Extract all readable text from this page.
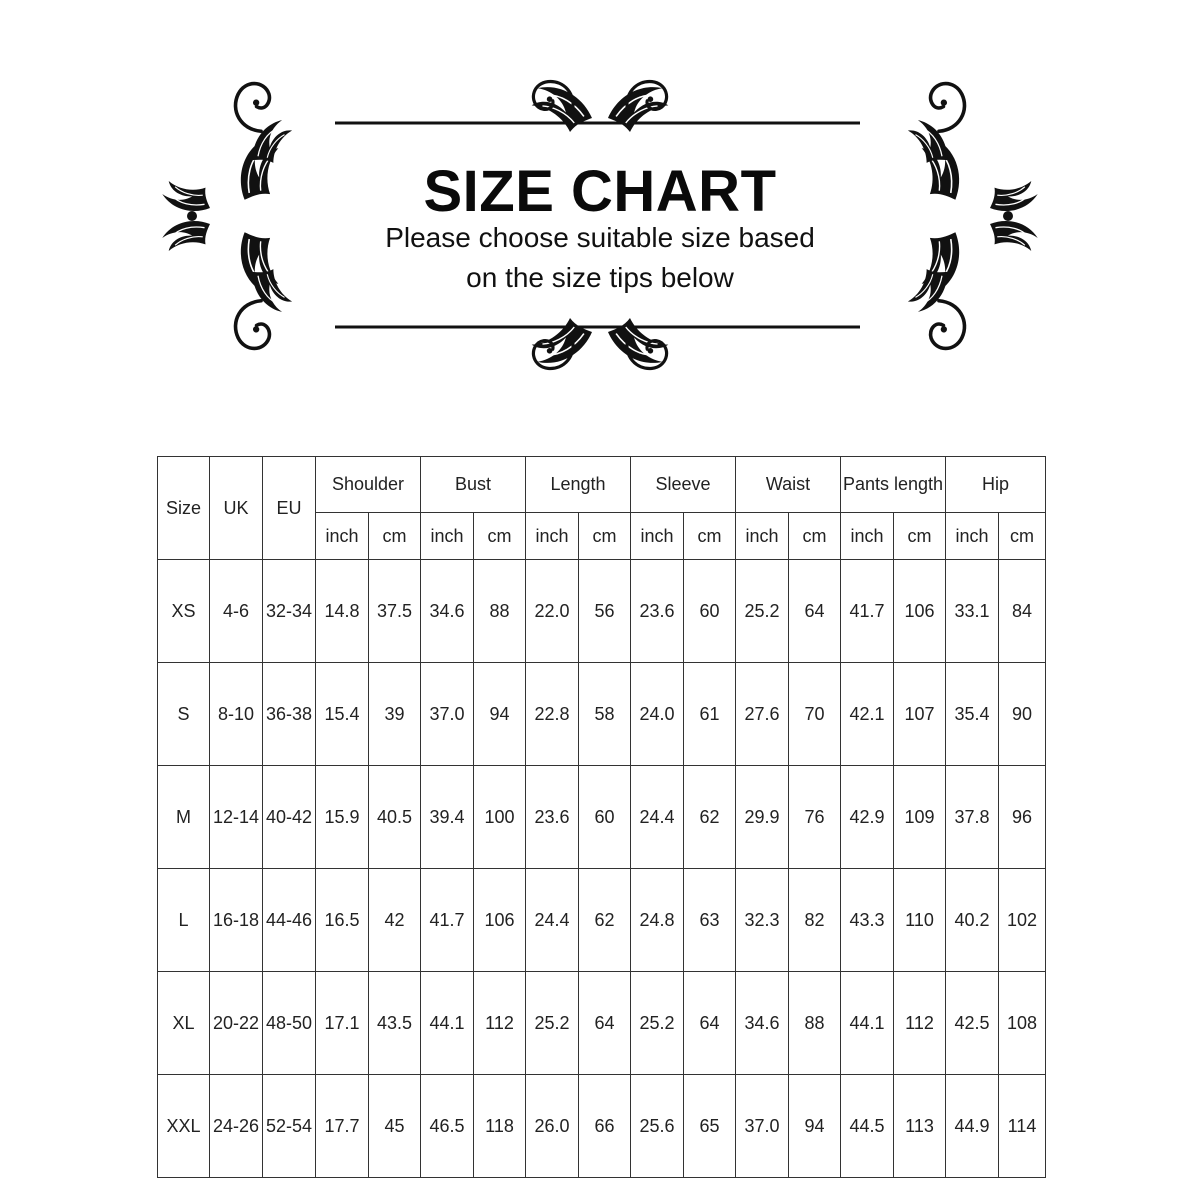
SIZE CHART
Please choose suitable size based
on the size tips below
Size	UK	EU	Shoulder		Bust		Length		Sleeve		Waist		Pants length		Hip	
			inch	cm	inch	cm	inch	cm	inch	cm	inch	cm	inch	cm	inch	cm
XS	4-6	32-34	14.8	37.5	34.6	88	22.0	56	23.6	60	25.2	64	41.7	106	33.1	84
S	8-10	36-38	15.4	39	37.0	94	22.8	58	24.0	61	27.6	70	42.1	107	35.4	90
M	12-14	40-42	15.9	40.5	39.4	100	23.6	60	24.4	62	29.9	76	42.9	109	37.8	96
L	16-18	44-46	16.5	42	41.7	106	24.4	62	24.8	63	32.3	82	43.3	110	40.2	102
XL	20-22	48-50	17.1	43.5	44.1	112	25.2	64	25.2	64	34.6	88	44.1	112	42.5	108
XXL	24-26	52-54	17.7	45	46.5	118	26.0	66	25.6	65	37.0	94	44.5	113	44.9	114
